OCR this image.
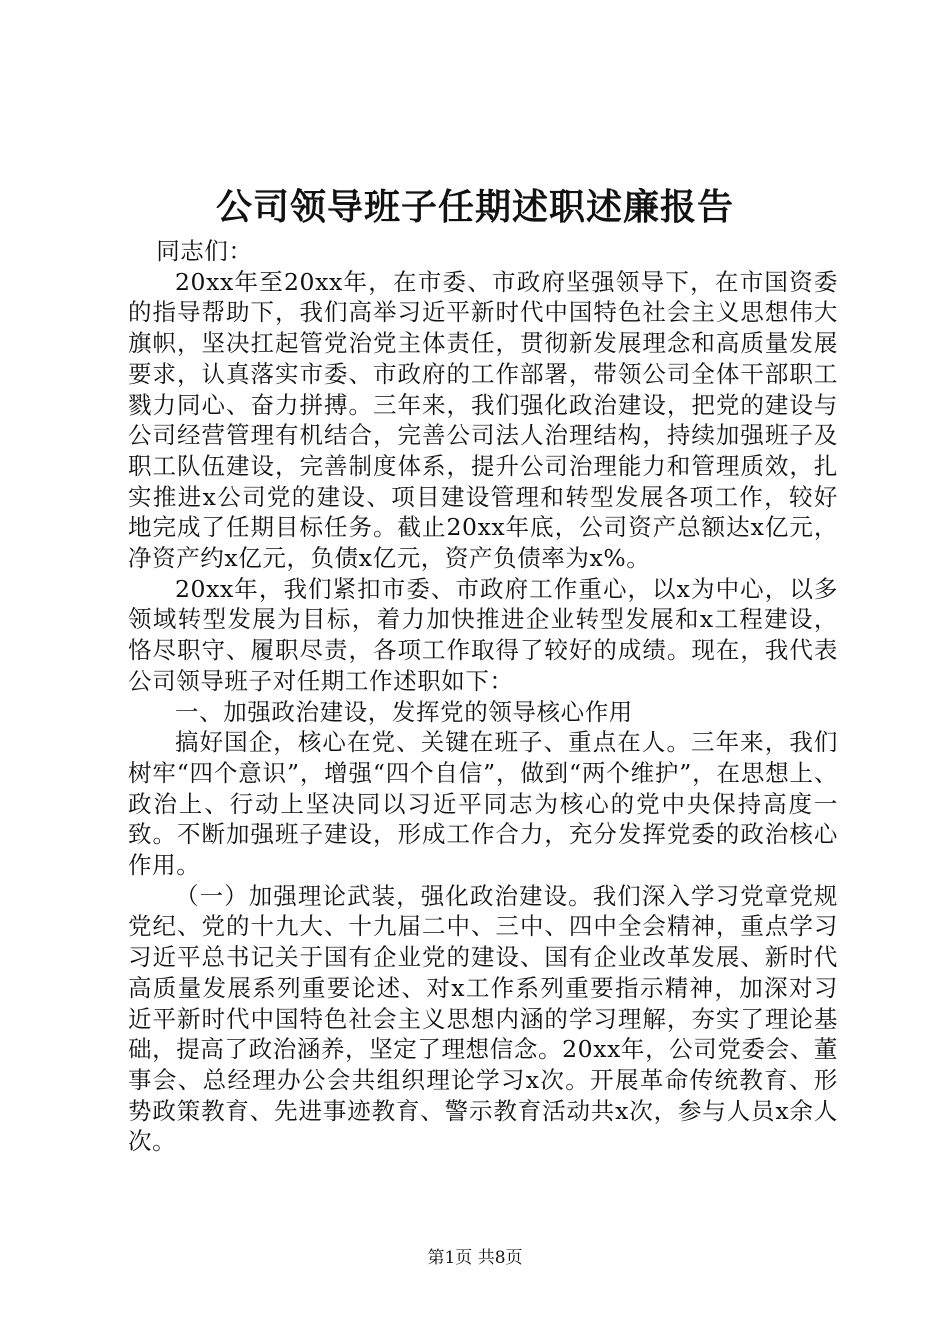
公司领导班子任期述职述廉报告

同志们：

20xx年至20xx年，在市委、市政府坚强领导下，在市国资委的指导帮助下，我们高举习近平新时代中国特色社会主义思想伟大旗帜，坚决扛起管党治党主体责任，贯彻新发展理念和高质量发展要求，认真落实市委、市政府的工作部署，带领公司全体干部职工戮力同心、奋力拼搏。三年来，我们强化政治建设，把党的建设与公司经营管理有机结合，完善公司法人治理结构，持续加强班子及职工队伍建设，完善制度体系，提升公司治理能力和管理质效，扎实推进x公司党的建设、项目建设管理和转型发展各项工作，较好地完成了任期目标任务。截止20xx年底，公司资产总额达x亿元，净资产约x亿元，负债x亿元，资产负债率为x%。

20xx年，我们紧扣市委、市政府工作重心，以x为中心，以多领域转型发展为目标，着力加快推进企业转型发展和x工程建设，恪尽职守、履职尽责，各项工作取得了较好的成绩。现在，我代表公司领导班子对任期工作述职如下：

一、加强政治建设，发挥党的领导核心作用

搞好国企，核心在党、关键在班子、重点在人。三年来，我们树牢“四个意识”，增强“四个自信”，做到“两个维护”，在思想上、政治上、行动上坚决同以习近平同志为核心的党中央保持高度一致。不断加强班子建设，形成工作合力，充分发挥党委的政治核心作用。

（一）加强理论武装，强化政治建设。我们深入学习党章党规党纪、党的十九大、十九届二中、三中、四中全会精神，重点学习习近平总书记关于国有企业党的建设、国有企业改革发展、新时代高质量发展系列重要论述、对x工作系列重要指示精神，加深对习近平新时代中国特色社会主义思想内涵的学习理解，夯实了理论基础，提高了政治涵养，坚定了理想信念。20xx年，公司党委会、董事会、总经理办公会共组织理论学习x次。开展革命传统教育、形势政策教育、先进事迹教育、警示教育活动共x次，参与人员x余人次。

第1页 共8页
